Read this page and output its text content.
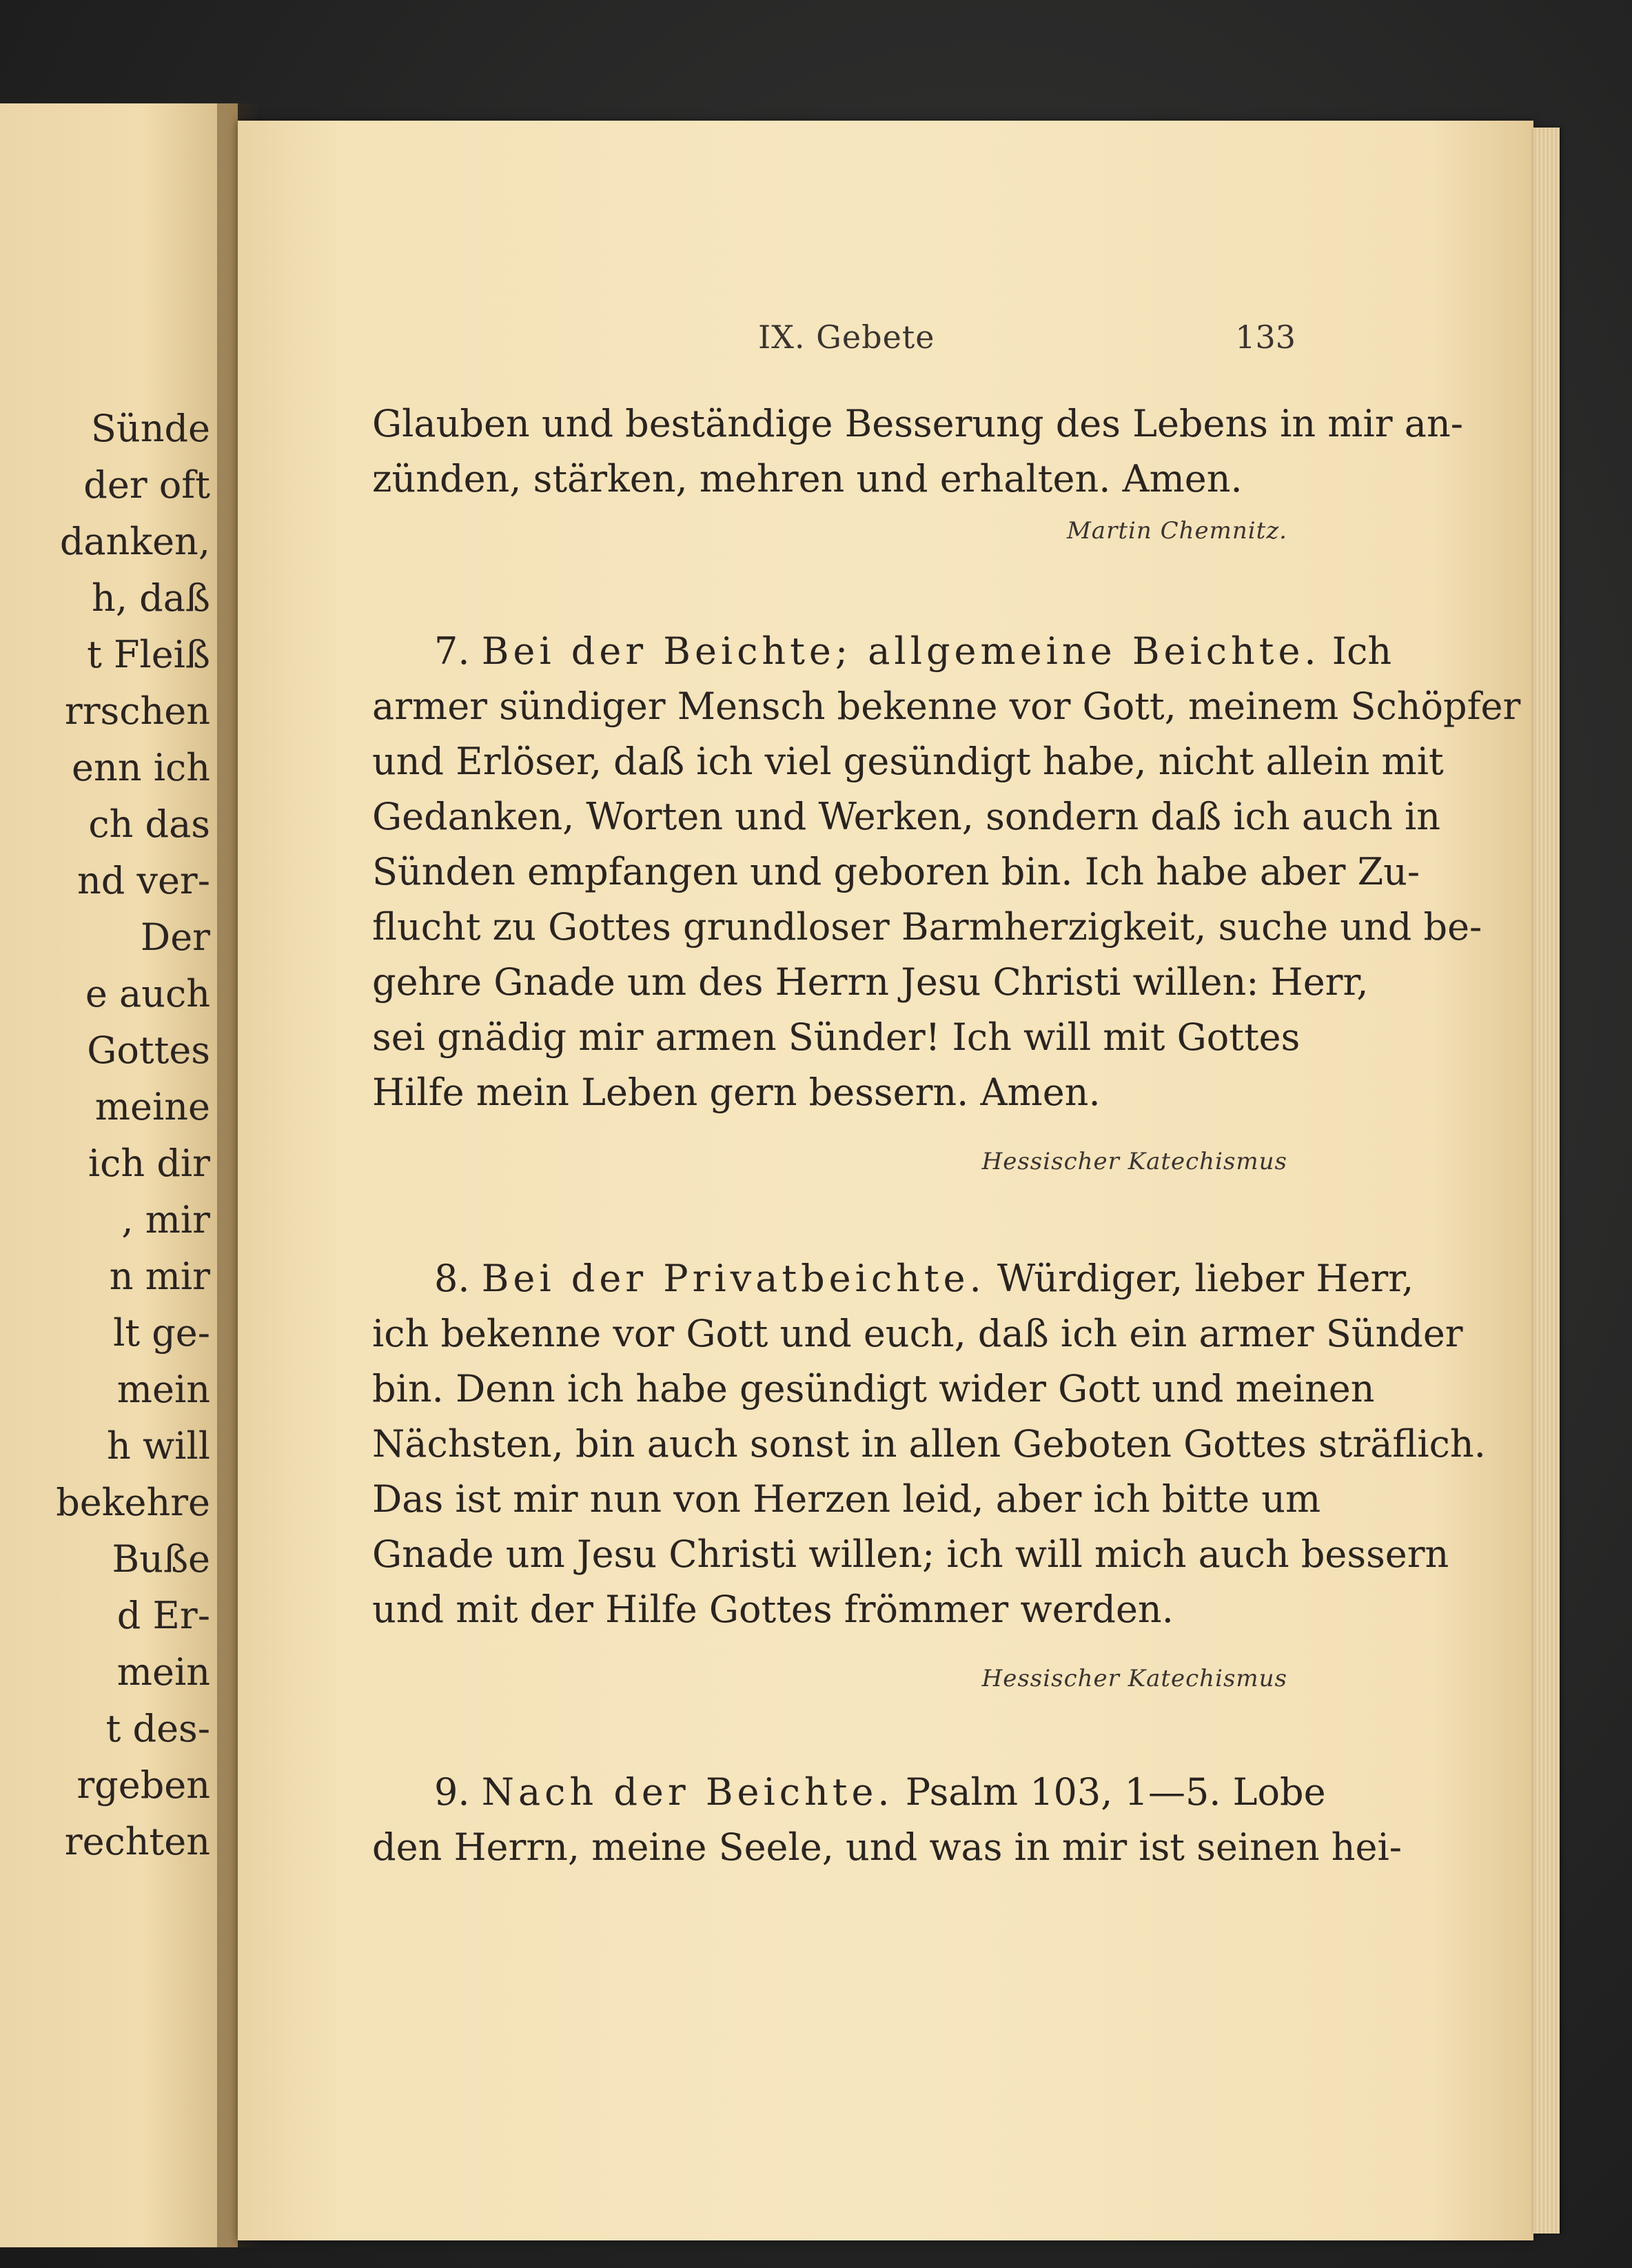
Sünde
der oft
danken,
h, daß
t Fleiß
rrschen
enn ich
ch das
nd ver-
Der
e auch
Gottes
meine
ich dir
, mir
n mir
lt ge-
mein
h will
bekehre
Buße
d Er-
mein
t des-
rgeben
rechten
IX. Gebete	133
Glauben und beständige Besserung des Lebens in mir an-
zünden, stärken, mehren und erhalten. Amen.
Martin Chemnitz.
7. Bei der Beichte; allgemeine Beichte. Ich
armer sündiger Mensch bekenne vor Gott, meinem Schöpfer
und Erlöser, daß ich viel gesündigt habe, nicht allein mit
Gedanken, Worten und Werken, sondern daß ich auch in
Sünden empfangen und geboren bin. Ich habe aber Zu-
flucht zu Gottes grundloser Barmherzigkeit, suche und be-
gehre Gnade um des Herrn Jesu Christi willen: Herr,
sei gnädig mir armen Sünder! Ich will mit Gottes
Hilfe mein Leben gern bessern. Amen.
Hessischer Katechismus
8. Bei der Privatbeichte. Würdiger, lieber Herr,
ich bekenne vor Gott und euch, daß ich ein armer Sünder
bin. Denn ich habe gesündigt wider Gott und meinen
Nächsten, bin auch sonst in allen Geboten Gottes sträflich.
Das ist mir nun von Herzen leid, aber ich bitte um
Gnade um Jesu Christi willen; ich will mich auch bessern
und mit der Hilfe Gottes frömmer werden.
Hessischer Katechismus
9. Nach der Beichte. Psalm 103, 1—5. Lobe
den Herrn, meine Seele, und was in mir ist seinen hei-
